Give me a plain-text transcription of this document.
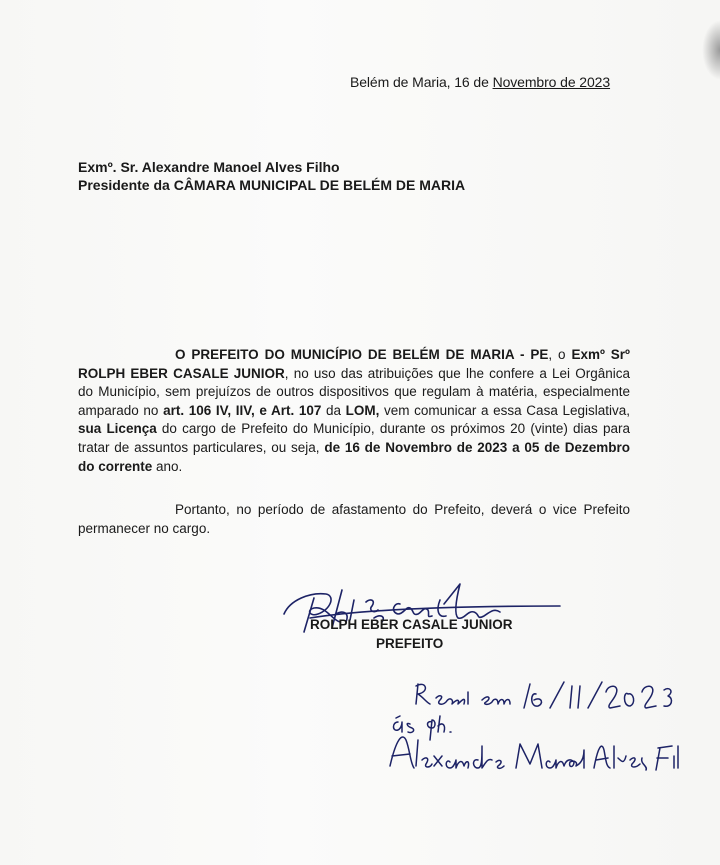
Belém de Maria, 16 de Novembro de 2023
Exmº. Sr. Alexandre Manoel Alves Filho
Presidente da CÂMARA MUNICIPAL DE BELÉM DE MARIA
O PREFEITO DO MUNICÍPIO DE BELÉM DE MARIA - PE, o Exmº Srº ROLPH EBER CASALE JUNIOR, no uso das atribuições que lhe confere a Lei Orgânica do Município, sem prejuízos de outros dispositivos que regulam à matéria, especialmente amparado no art. 106 IV, IIV, e Art. 107 da LOM, vem comunicar a essa Casa Legislativa, sua Licença do cargo de Prefeito do Município, durante os próximos 20 (vinte) dias para tratar de assuntos particulares, ou seja, de 16 de Novembro de 2023 a 05 de Dezembro do corrente ano.
Portanto, no período de afastamento do Prefeito, deverá o vice Prefeito permanecer no cargo.
ROLPH EBER CASALE JUNIOR
PREFEITO
